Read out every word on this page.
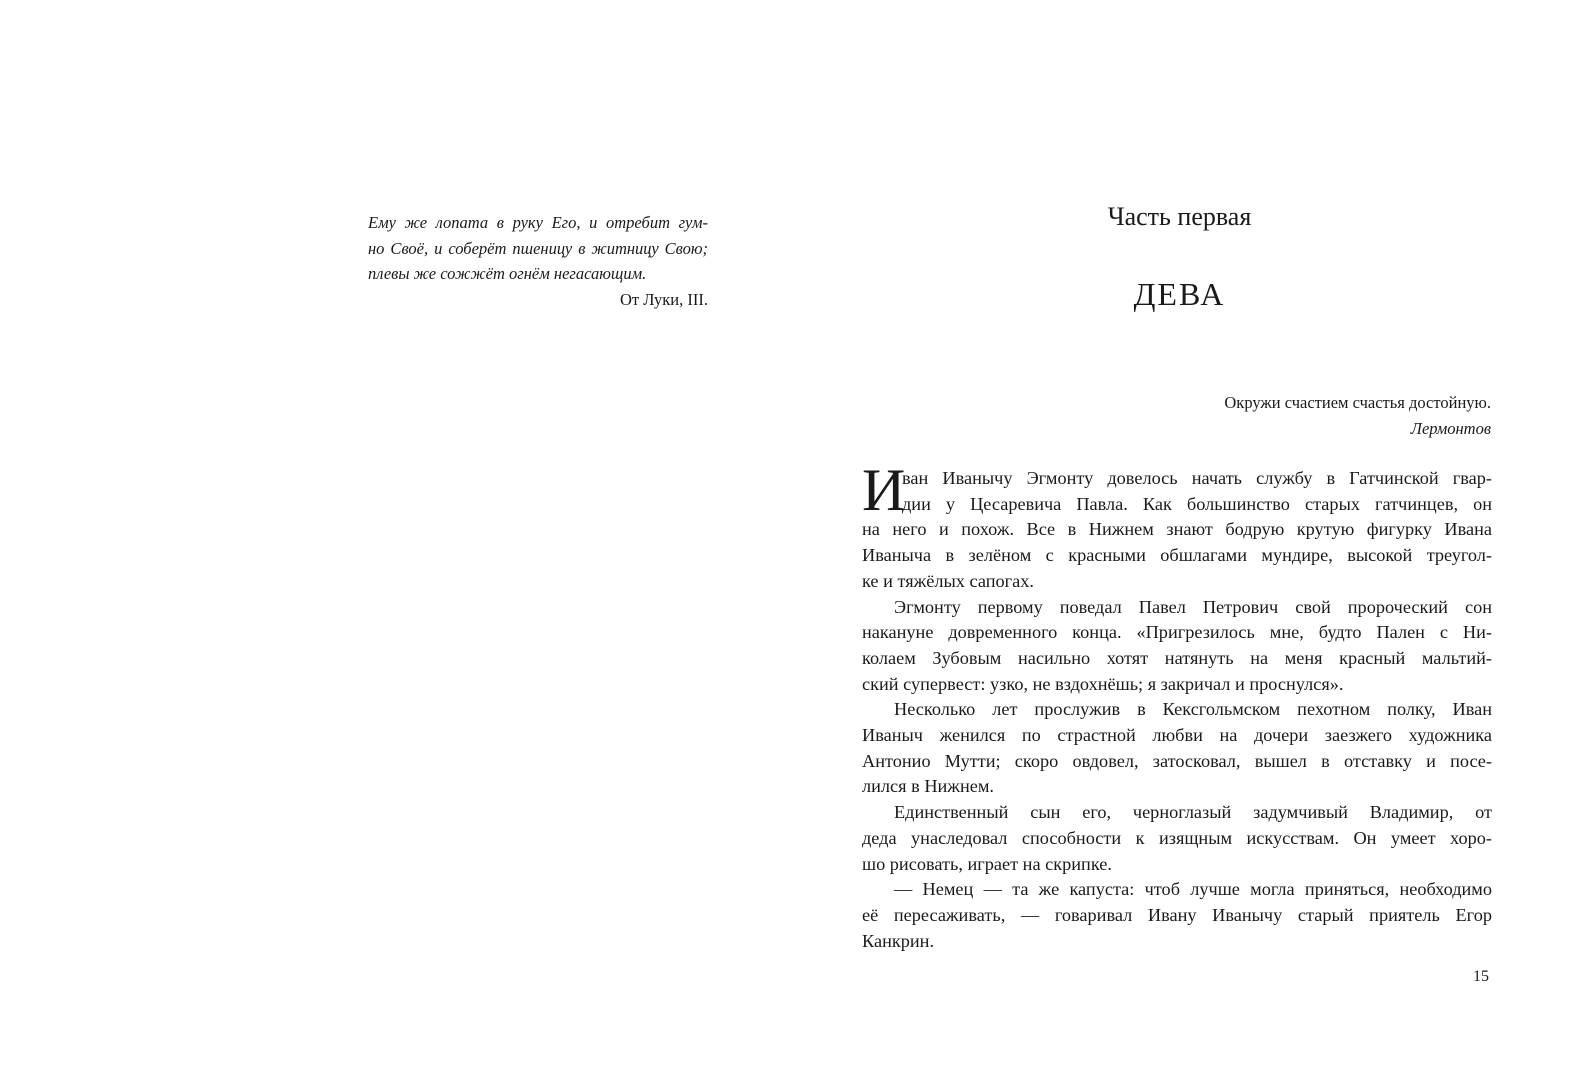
Ему же лопата в руку Его, и отребит гум-
но Своё, и соберёт пшеницу в житницу Свою;
плевы же сожжёт огнём негасающим.
От Луки, III.
Часть первая
ДЕВА
Окружи счастием счастья достойную.
Лермонтов
И
ван Иванычу Эгмонту довелось начать службу в Гатчинской гвар-
дии у Цесаревича Павла. Как большинство старых гатчинцев, он
на него и похож. Все в Нижнем знают бодрую крутую фигурку Ивана
Иваныча в зелёном с красными обшлагами мундире, высокой треугол-
ке и тяжёлых сапогах.
Эгмонту первому поведал Павел Петрович свой пророческий сон
накануне довременного конца. «Пригрезилось мне, будто Пален с Ни-
колаем Зубовым насильно хотят натянуть на меня красный мальтий-
ский супервест: узко, не вздохнёшь; я закричал и проснулся».
Несколько лет прослужив в Кексгольмском пехотном полку, Иван
Иваныч женился по страстной любви на дочери заезжего художника
Антонио Мутти; скоро овдовел, затосковал, вышел в отставку и посе-
лился в Нижнем.
Единственный сын его, черноглазый задумчивый Владимир, от
деда унаследовал способности к изящным искусствам. Он умеет хоро-
шо рисовать, играет на скрипке.
— Немец — та же капуста: чтоб лучше могла приняться, необходимо
её пересаживать, — говаривал Ивану Иванычу старый приятель Егор
Канкрин.
15
